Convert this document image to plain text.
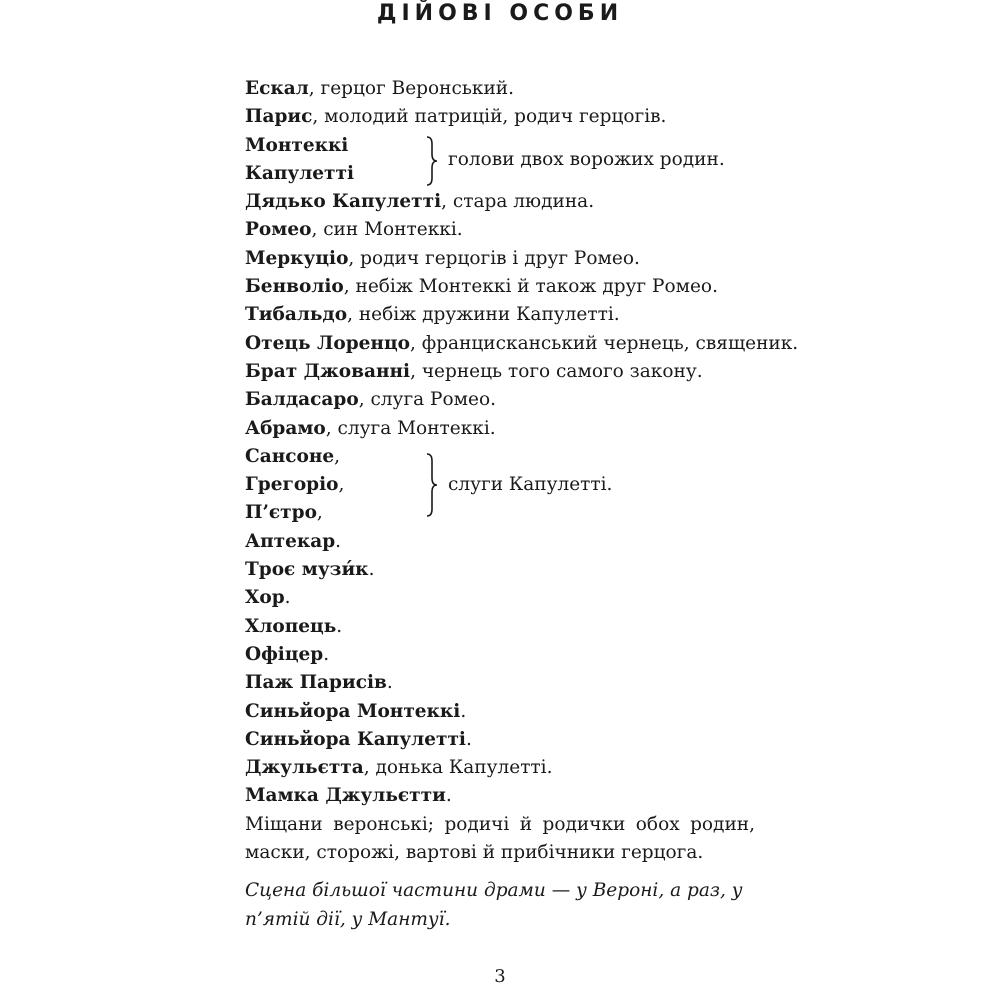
ДІЙОВІ ОСОБИ
Ескал, герцог Веронський.
Парис, молодий патрицій, родич герцогів.
Монтеккі
Капулетті
голови двох ворожих родин.
Дядько Капулетті, стара людина.
Ромео, син Монтеккі.
Меркуціо, родич герцогів і друг Ромео.
Бенволіо, небіж Монтеккі й також друг Ромео.
Тибальдо, небіж дружини Капулетті.
Отець Лоренцо, францисканський чернець, священик.
Брат Джованні, чернець того самого закону.
Балдасаро, слуга Ромео.
Абрамо, слуга Монтеккі.
Сансоне,
Грегоріо,
П’єтро,
слуги Капулетті.
Аптекар.
Троє музи́к.
Хор.
Хлопець.
Офіцер.
Паж Парисів.
Синьйора Монтеккі.
Синьйора Капулетті.
Джульєтта, донька Капулетті.
Мамка Джульєтти.

Міщани веронські; родичі й родички обох родин, маски, сторожі, вартові й прибічники герцога.

Сцена більшої частини драми — у Вероні, а раз, у п’ятій дії, у Мантуї.

3
